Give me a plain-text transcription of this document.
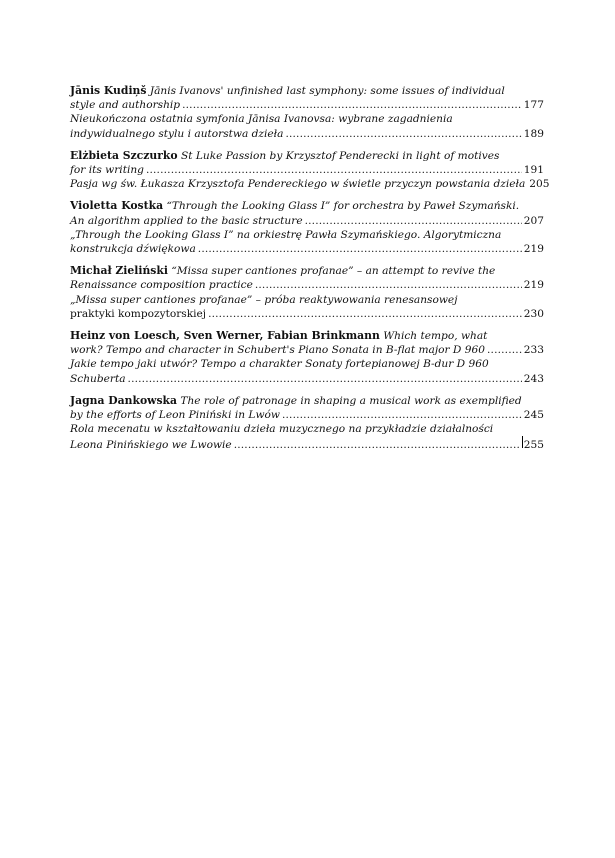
Jānis Kudiņš Jānis Ivanovs' unfinished last symphony: some issues of individual
style and authorship . . .	177
Nieukończona ostatnia symfonia Jānisa Ivanovsa: wybrane zagadnienia
indywidualnego stylu i autorstwa dzieła . . .	189
Elżbieta Szczurko St Luke Passion by Krzysztof Penderecki in light of motives
for its writing . . .	191
Pasja wg św. Łukasza Krzysztofa Pendereckiego w świetle przyczyn powstania dzieła 205
Violetta Kostka “Through the Looking Glass I” for orchestra by Paweł Szymański.
An algorithm applied to the basic structure . . .	207
„Through the Looking Glass I” na orkiestrę Pawła Szymańskiego. Algorytmiczna
konstrukcja dźwiękowa . . .	219
Michał Zieliński “Missa super cantiones profanae” – an attempt to revive the
Renaissance composition practice . . .	219
„Missa super cantiones profanae” – próba reaktywowania renesansowej
praktyki kompozytorskiej . . .	230
Heinz von Loesch, Sven Werner, Fabian Brinkmann Which tempo, what
work? Tempo and character in Schubert's Piano Sonata in B-flat major D 960 . . .	233
Jakie tempo jaki utwór? Tempo a charakter Sonaty fortepianowej B-dur D 960
Schuberta . . .	243
Jagna Dankowska The role of patronage in shaping a musical work as exemplified
by the efforts of Leon Piniński in Lwów . . .	245
Rola mecenatu w kształtowaniu dzieła muzycznego na przykładzie działalności
Leona Pinińskiego we Lwowie . . .	255
